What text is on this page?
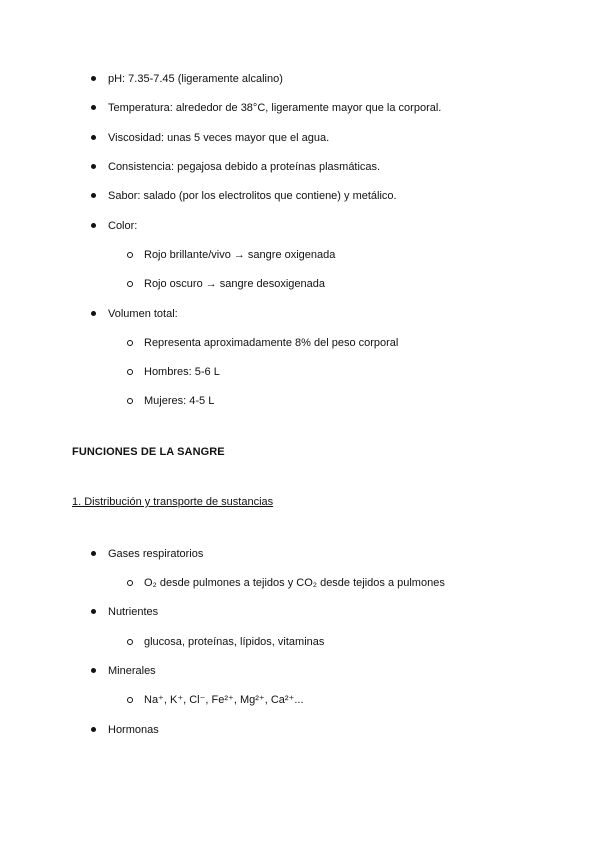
pH: 7.35-7.45 (ligeramente alcalino)
Temperatura: alrededor de 38°C, ligeramente mayor que la corporal.
Viscosidad: unas 5 veces mayor que el agua.
Consistencia: pegajosa debido a proteínas plasmáticas.
Sabor: salado (por los electrolitos que contiene) y metálico.
Color:
Rojo brillante/vivo → sangre oxigenada
Rojo oscuro → sangre desoxigenada
Volumen total:
Representa aproximadamente 8% del peso corporal
Hombres: 5-6 L
Mujeres: 4-5 L
FUNCIONES DE LA SANGRE
1. Distribución y transporte de sustancias
Gases respiratorios
O₂ desde pulmones a tejidos y CO₂ desde tejidos a pulmones
Nutrientes
glucosa, proteínas, lípidos, vitaminas
Minerales
Na⁺, K⁺, Cl⁻, Fe²⁺, Mg²⁺, Ca²⁺...
Hormonas
